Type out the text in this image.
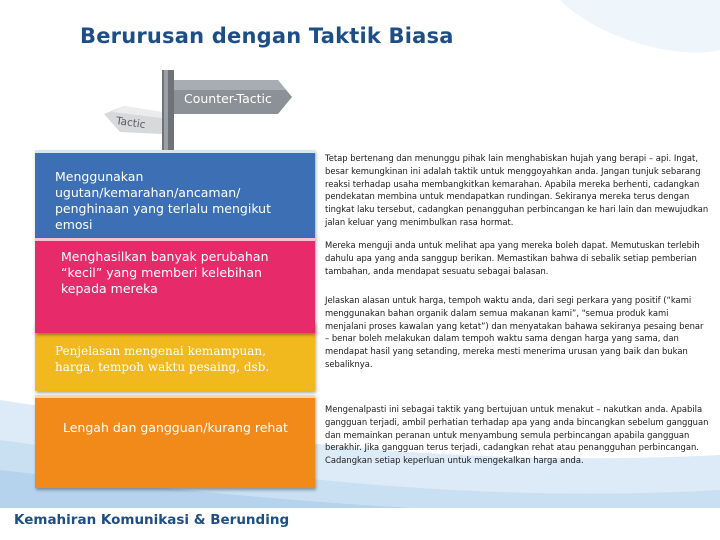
Berurusan dengan Taktik Biasa
Counter-Tactic
Tactic
Menggunakan ugutan/kemarahan/ancaman/ penghinaan yang terlalu mengikut emosi
Penjelasan mengenai kemampuan, harga, tempoh waktu pesaing, dsb.
Menghasilkan banyak perubahan “kecil” yang memberi kelebihan kepada mereka
Lengah dan gangguan/kurang rehat

Tetap bertenang dan menunggu pihak lain menghabiskan hujah yang berapi – api. Ingat, besar kemungkinan ini adalah taktik untuk menggoyahkan anda. Jangan tunjuk sebarang reaksi terhadap usaha membangkitkan kemarahan. Apabila mereka berhenti, cadangkan pendekatan membina untuk mendapatkan rundingan. Sekiranya mereka terus dengan tingkat laku tersebut, cadangkan penangguhan perbincangan ke hari lain dan mewujudkan jalan keluar yang menimbulkan rasa hormat.

Mereka menguji anda untuk melihat apa yang mereka boleh dapat. Memutuskan terlebih dahulu apa yang anda sanggup berikan. Memastikan bahwa di sebalik setiap pemberian tambahan, anda mendapat sesuatu sebagai balasan.

Jelaskan alasan untuk harga, tempoh waktu anda, dari segi perkara yang positif (“kami menggunakan bahan organik dalam semua makanan kami”, "semua produk kami menjalani proses kawalan yang ketat”) dan menyatakan bahawa sekiranya pesaing benar – benar boleh melakukan dalam tempoh waktu sama dengan harga yang sama, dan mendapat hasil yang setanding, mereka mesti menerima urusan yang baik dan bukan sebaliknya.

Mengenalpasti ini sebagai taktik yang bertujuan untuk menakut – nakutkan anda. Apabila gangguan terjadi, ambil perhatian terhadap apa yang anda bincangkan sebelum gangguan dan memainkan peranan untuk menyambung semula perbincangan apabila gangguan berakhir. Jika gangguan terus terjadi, cadangkan rehat atau penangguhan perbincangan. Cadangkan setiap keperluan untuk mengekalkan harga anda.

Kemahiran Komunikasi & Berunding
